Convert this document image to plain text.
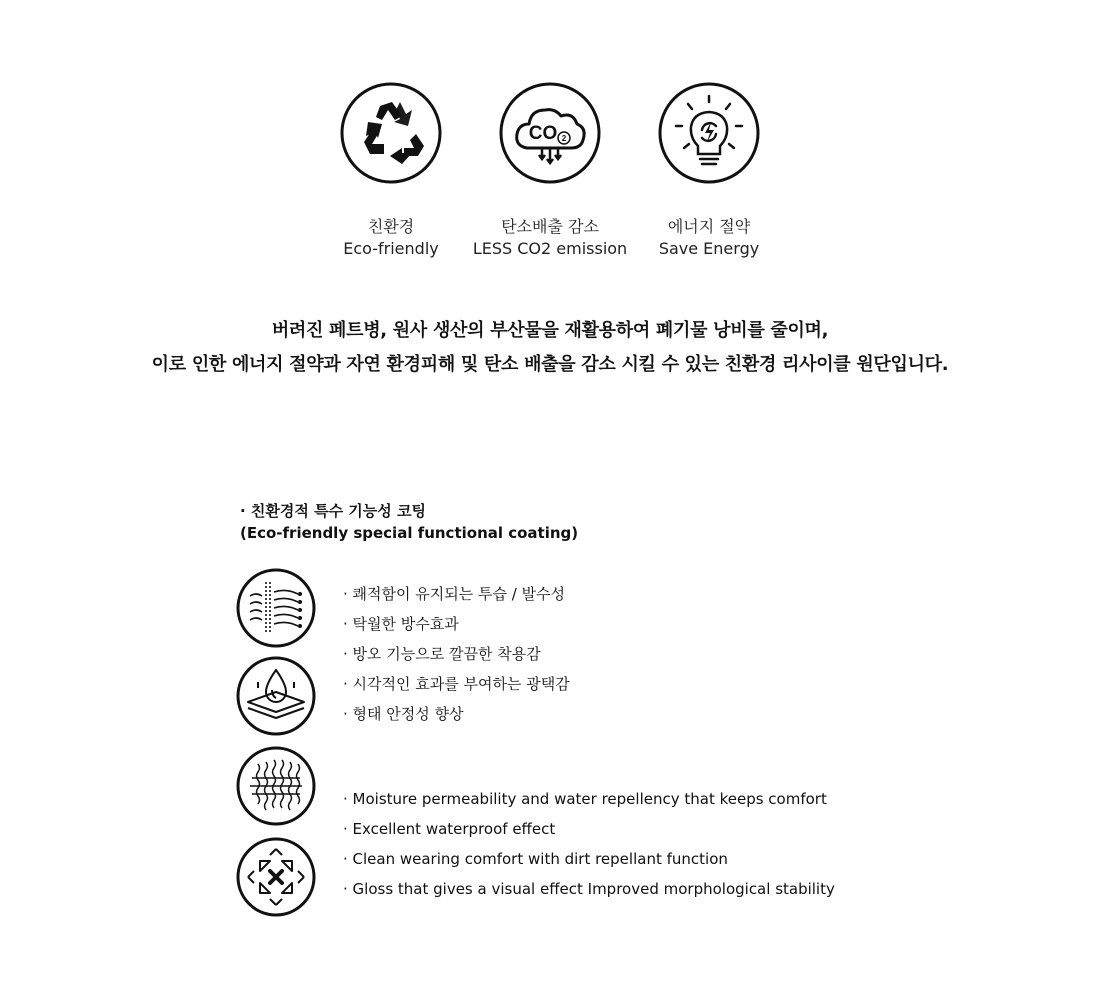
친환경
Eco-friendly
CO 2
탄소배출 감소
LESS CO2 emission
에너지 절약
Save Energy

버려진 페트병, 원사 생산의 부산물을 재활용하여 폐기물 낭비를 줄이며,

이로 인한 에너지 절약과 자연 환경피해 및 탄소 배출을 감소 시킬 수 있는 친환경 리사이클 원단입니다.

· 친환경적 특수 기능성 코팅
(Eco-friendly special functional coating)
· 쾌적함이 유지되는 투습 / 발수성
· 탁월한 방수효과
· 방오 기능으로 깔끔한 착용감
· 시각적인 효과를 부여하는 광택감
· 형태 안정성 향상
· Moisture permeability and water repellency that keeps comfort
· Excellent waterproof effect
· Clean wearing comfort with dirt repellant function
· Gloss that gives a visual effect Improved morphological stability
